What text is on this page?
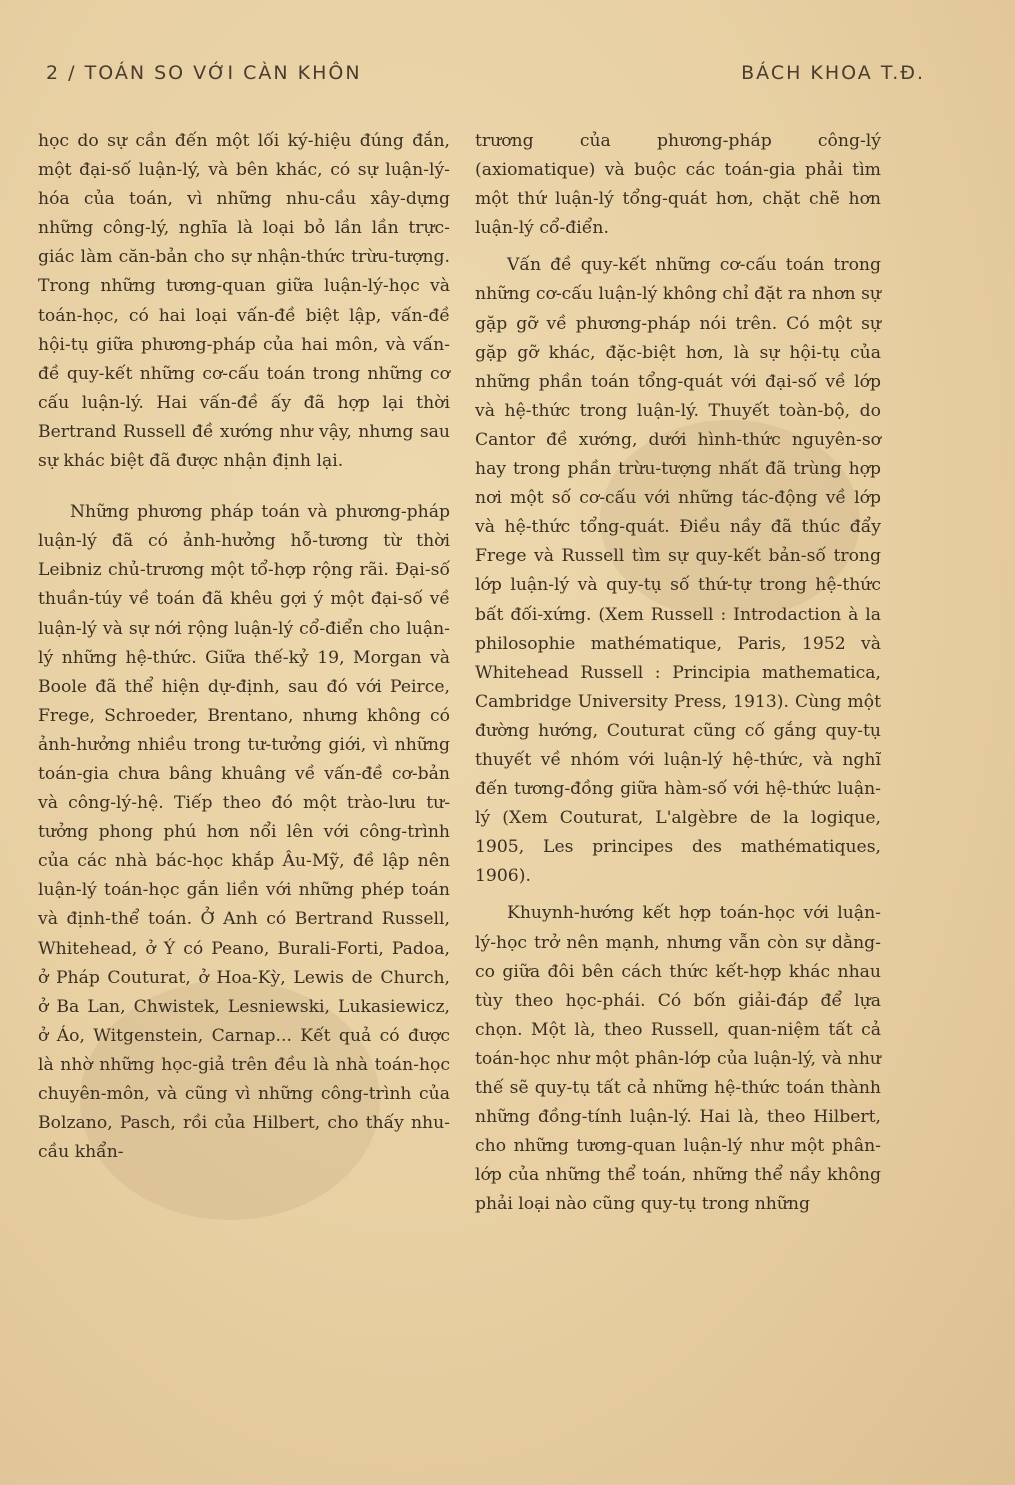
2 / TOÁN SO VỚI CÀN KHÔN	BÁCH KHOA T.Đ.

học do sự cần đến một lối ký-hiệu đúng đắn, một đại-số luận-lý, và bên khác, có sự luận-lý-hóa của toán, vì những nhu-cầu xây-dựng những công-lý, nghĩa là loại bỏ lần lần trực-giác làm căn-bản cho sự nhận-thức trừu-tượng. Trong những tương-quan giữa luận-lý-học và toán-học, có hai loại vấn-đề biệt lập, vấn-đề hội-tụ giữa phương-pháp của hai môn, và vấn-đề quy-kết những cơ-cấu toán trong những cơ cấu luận-lý. Hai vấn-đề ấy đã hợp lại thời Bertrand Russell đề xướng như vậy, nhưng sau sự khác biệt đã được nhận định lại.

Những phương pháp toán và phương-pháp luận-lý đã có ảnh-hưởng hỗ-tương từ thời Leibniz chủ-trương một tổ-hợp rộng rãi. Đại-số thuần-túy về toán đã khêu gợi ý một đại-số về luận-lý và sự nới rộng luận-lý cổ-điển cho luận-lý những hệ-thức. Giữa thế-kỷ 19, Morgan và Boole đã thể hiện dự-định, sau đó với Peirce, Frege, Schroeder, Brentano, nhưng không có ảnh-hưởng nhiều trong tư-tưởng giới, vì những toán-gia chưa bâng khuâng về vấn-đề cơ-bản và công-lý-hệ. Tiếp theo đó một trào-lưu tư-tưởng phong phú hơn nổi lên với công-trình của các nhà bác-học khắp Âu-Mỹ, đề lập nên luận-lý toán-học gắn liền với những phép toán và định-thể toán. Ở Anh có Bertrand Russell, Whitehead, ở Ý có Peano, Burali-Forti, Padoa, ở Pháp Couturat, ở Hoa-Kỳ, Lewis de Church, ở Ba Lan, Chwistek, Lesniewski, Lukasiewicz, ở Áo, Witgenstein, Carnap... Kết quả có được là nhờ những học-giả trên đều là nhà toán-học chuyên-môn, và cũng vì những công-trình của Bolzano, Pasch, rồi của Hilbert, cho thấy nhu-cầu khẩn-

trương của phương-pháp công-lý (axiomatique) và buộc các toán-gia phải tìm một thứ luận-lý tổng-quát hơn, chặt chẽ hơn luận-lý cổ-điển.

Vấn đề quy-kết những cơ-cấu toán trong những cơ-cấu luận-lý không chỉ đặt ra nhơn sự gặp gỡ về phương-pháp nói trên. Có một sự gặp gỡ khác, đặc-biệt hơn, là sự hội-tụ của những phần toán tổng-quát với đại-số về lớp và hệ-thức trong luận-lý. Thuyết toàn-bộ, do Cantor đề xướng, dưới hình-thức nguyên-sơ hay trong phần trừu-tượng nhất đã trùng hợp nơi một số cơ-cấu với những tác-động về lớp và hệ-thức tổng-quát. Điều nầy đã thúc đẩy Frege và Russell tìm sự quy-kết bản-số trong lớp luận-lý và quy-tụ số thứ-tự trong hệ-thức bất đối-xứng. (Xem Russell : Introdaction à la philosophie mathématique, Paris, 1952 và Whitehead Russell : Principia mathematica, Cambridge University Press, 1913). Cùng một đường hướng, Couturat cũng cố gắng quy-tụ thuyết về nhóm với luận-lý hệ-thức, và nghĩ đến tương-đồng giữa hàm-số với hệ-thức luận-lý (Xem Couturat, L'algèbre de la logique, 1905, Les principes des mathématiques, 1906).

Khuynh-hướng kết hợp toán-học với luận-lý-học trở nên mạnh, nhưng vẫn còn sự dằng-co giữa đôi bên cách thức kết-hợp khác nhau tùy theo học-phái. Có bốn giải-đáp để lựa chọn. Một là, theo Russell, quan-niệm tất cả toán-học như một phân-lớp của luận-lý, và như thế sẽ quy-tụ tất cả những hệ-thức toán thành những đồng-tính luận-lý. Hai là, theo Hilbert, cho những tương-quan luận-lý như một phân-lớp của những thể toán, những thể nầy không phải loại nào cũng quy-tụ trong những
